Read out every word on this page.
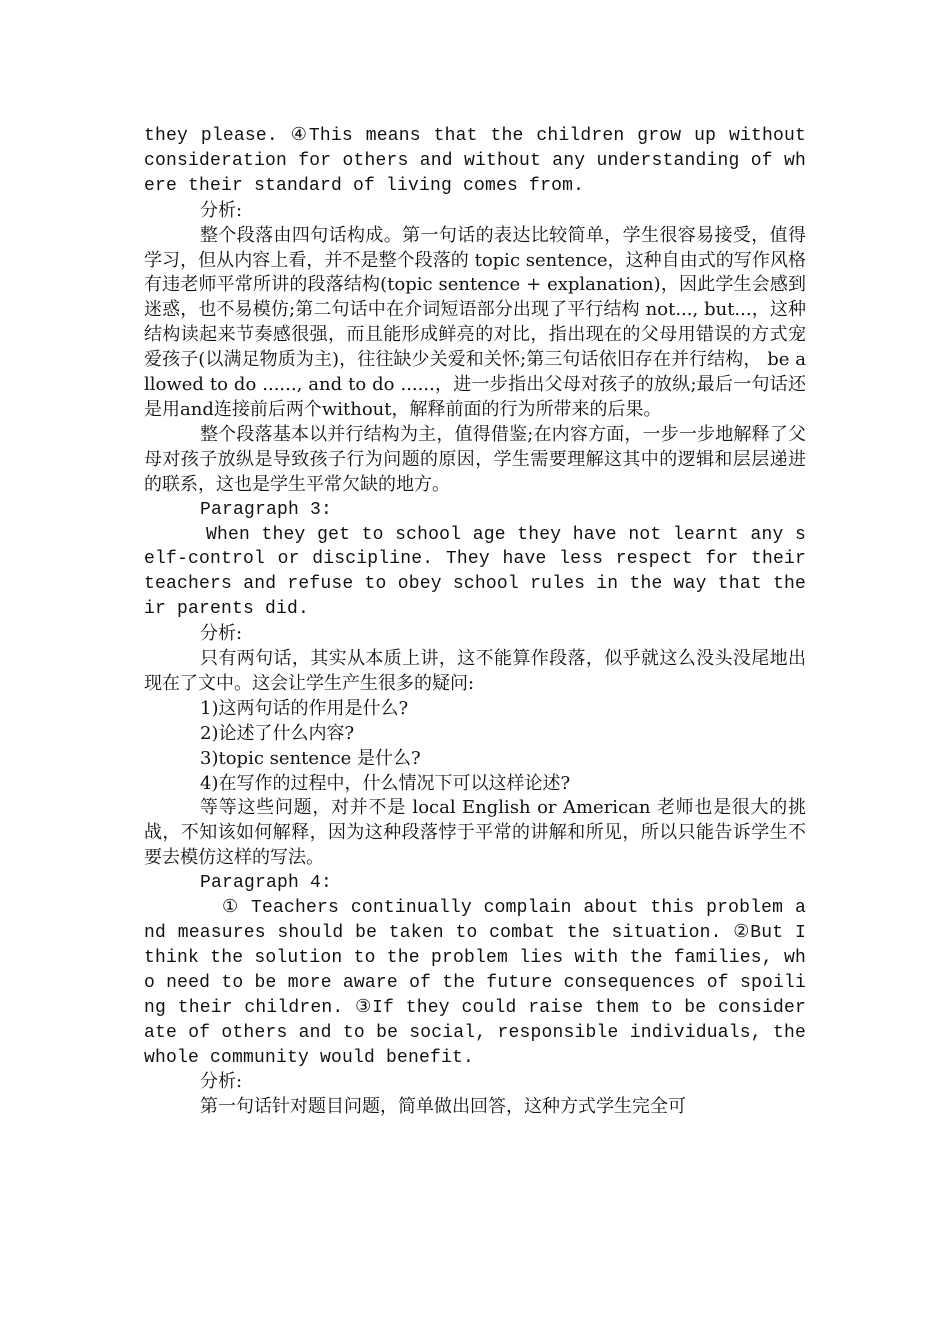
they please. ④This means that the children grow up without consideration for others and without any understanding of where their standard of living comes from.

分析:

整个段落由四句话构成。第一句话的表达比较简单，学生很容易接受，值得学习，但从内容上看，并不是整个段落的 topic sentence，这种自由式的写作风格有违老师平常所讲的段落结构(topic sentence + explanation)，因此学生会感到迷惑，也不易模仿;第二句话中在介词短语部分出现了平行结构 not..., but...，这种结构读起来节奏感很强，而且能形成鲜亮的对比，指出现在的父母用错误的方式宠爱孩子(以满足物质为主)，往往缺少关爱和关怀;第三句话依旧存在并行结构， be allowed to do ......, and to do ......，进一步指出父母对孩子的放纵;最后一句话还是用and连接前后两个without，解释前面的行为所带来的后果。

整个段落基本以并行结构为主，值得借鉴;在内容方面，一步一步地解释了父母对孩子放纵是导致孩子行为问题的原因，学生需要理解这其中的逻辑和层层递进的联系，这也是学生平常欠缺的地方。

Paragraph 3:

When they get to school age they have not learnt any self-control or discipline. They have less respect for their teachers and refuse to obey school rules in the way that their parents did.

分析:

只有两句话，其实从本质上讲，这不能算作段落，似乎就这么没头没尾地出现在了文中。这会让学生产生很多的疑问:

1)这两句话的作用是什么?

2)论述了什么内容?

3)topic sentence 是什么?

4)在写作的过程中，什么情况下可以这样论述?

等等这些问题，对并不是 local English or American 老师也是很大的挑战，不知该如何解释，因为这种段落悖于平常的讲解和所见，所以只能告诉学生不要去模仿这样的写法。

Paragraph 4:

① Teachers continually complain about this problem and measures should be taken to combat the situation. ②But I think the solution to the problem lies with the families, who need to be more aware of the future consequences of spoiling their children. ③If they could raise them to be considerate of others and to be social, responsible individuals, the whole community would benefit.

分析:

第一句话针对题目问题，简单做出回答，这种方式学生完全可
